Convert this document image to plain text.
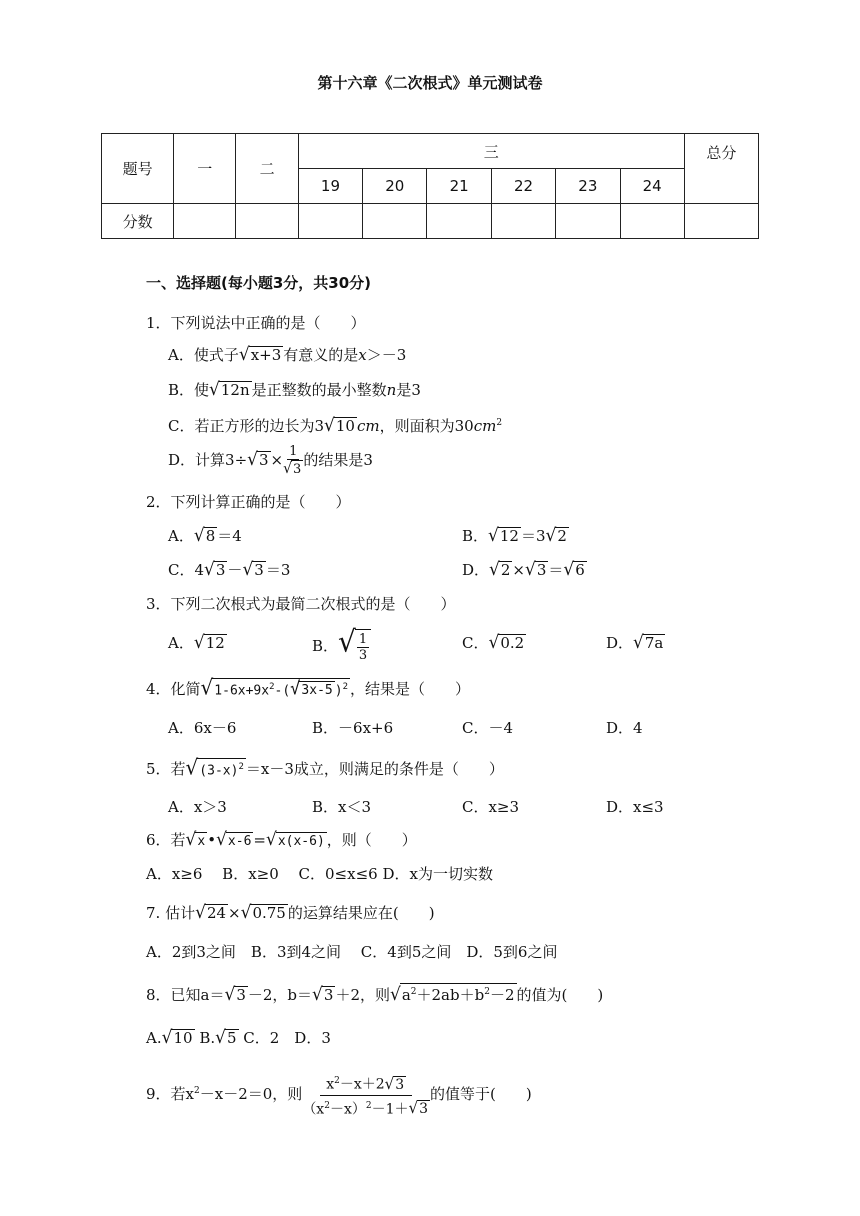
第十六章《二次根式》单元测试卷
题号	一	二	三						总分
			19	20	21	22	23	24	
分数									
一、选择题(每小题3分，共30分)
1．下列说法中正确的是（　　）
A．使式子√x+3 有意义的是x＞－3
B．使√12n 是正整数的最小整数n是3
C．若正方形的边长为3√10 cm，则面积为$30cm^2$
D．计算$3\div√3 \times \frac{1}{√3}$ 的结果是3
2．下列计算正确的是（　　）
A．√8 ＝4	B．√12 ＝3√2
C．4√3 －√3 ＝3	D．√2 ×√3 ＝√6
3．下列二次根式为最简二次根式的是（　　）
A．√12	B．√ $\frac{1}{3}$	C．√0.2	D．√7a
4．化简$√1-6x+9x^2-(√3x-5$ )$^2$ ，结果是（　　）
A．6x－6	B．－6x+6	C．－4	D．4
5．若$√(3-x)^2 =x-3$成立，则满足的条件是（　　）
A．x＞3	B．x＜3	C．x≥3	D．x≤3
6．若√x •√x-6 =√x(x-6) ，则（　　）
A．x≥6　 B．x≥0　 C．0≤x≤6 D．x为一切实数
7. 估计√24 ×√0.75 的运算结果应在(　　)
A．2到3之间　B．3到4之间　 C．4到5之间　D．5到6之间
8．已知a＝√3 －2，b＝√3 ＋2，则$√a^2+2ab+b^2-2$ 的值为(　　)
A.√10 B.√5 C．2　D．3
9．若$x^2-x-2=0$，则 $\frac{x^2-x+2√3}{(x^2-x)^2-1+√3}$ 的值等于(　　)
